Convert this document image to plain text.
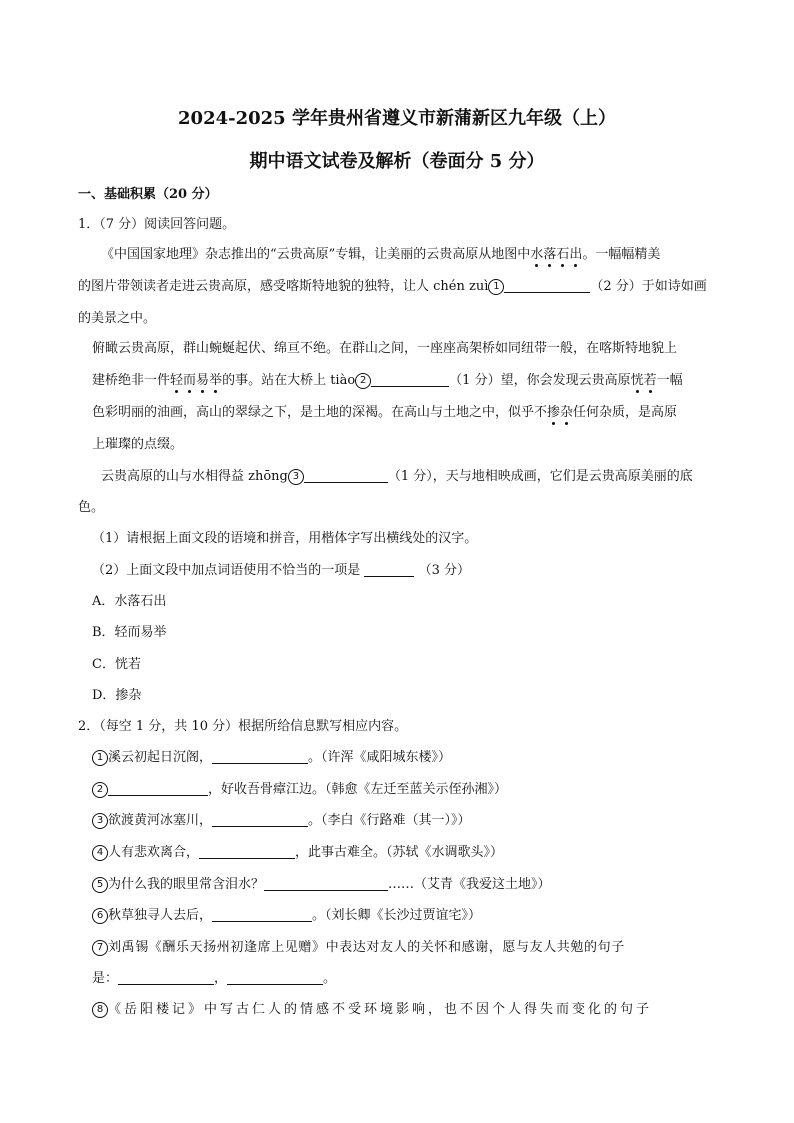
2024-2025 学年贵州省遵义市新蒲新区九年级（上）
期中语文试卷及解析（卷面分 5 分）
一、基础积累（20 分）
1．（7 分）阅读回答问题。
《中国国家地理》杂志推出的“云贵高原”专辑，让美丽的云贵高原从地图中水落石出。一幅幅精美
的图片带领读者走进云贵高原，感受喀斯特地貌的独特，让人 chén zuì 1	（2 分）于如诗如画
的美景之中。
俯瞰云贵高原，群山蜿蜒起伏、绵亘不绝。在群山之间，一座座高架桥如同纽带一般，在喀斯特地貌上
建桥绝非一件轻而易举的事。站在大桥上 tiào 2	（1 分）望，你会发现云贵高原恍若一幅
色彩明丽的油画，高山的翠绿之下，是土地的深褐。在高山与土地之中，似乎不掺杂任何杂质，是高原
上璀璨的点缀。
云贵高原的山与水相得益 zhōng 3	（1 分），天与地相映成画，它们是云贵高原美丽的底
色。
（1）请根据上面文段的语境和拼音，用楷体字写出横线处的汉字。
（2）上面文段中加点词语使用不恰当的一项是	（3 分）
A．水落石出
B．轻而易举
C．恍若
D．掺杂
2．（每空 1 分，共 10 分）根据所给信息默写相应内容。
1 溪云初起日沉阁，	。（许浑《咸阳城东楼》）
2	，好收吾骨瘴江边。（韩愈《左迁至蓝关示侄孙湘》）
3 欲渡黄河冰塞川，	。（李白《行路难（其一）》）
4 人有悲欢离合，	，此事古难全。（苏轼《水调歌头》）
5 为什么我的眼里常含泪水？	……（艾青《我爱这土地》）
6 秋草独寻人去后，	。（刘长卿《长沙过贾谊宅》）
7 刘禹锡《酬乐天扬州初逢席上见赠》中表达对友人的关怀和感谢，愿与友人共勉的句子
是：	，	。
8 《岳阳楼记》中写古仁人的情感不受环境影响，也不因个人得失而变化的句子
